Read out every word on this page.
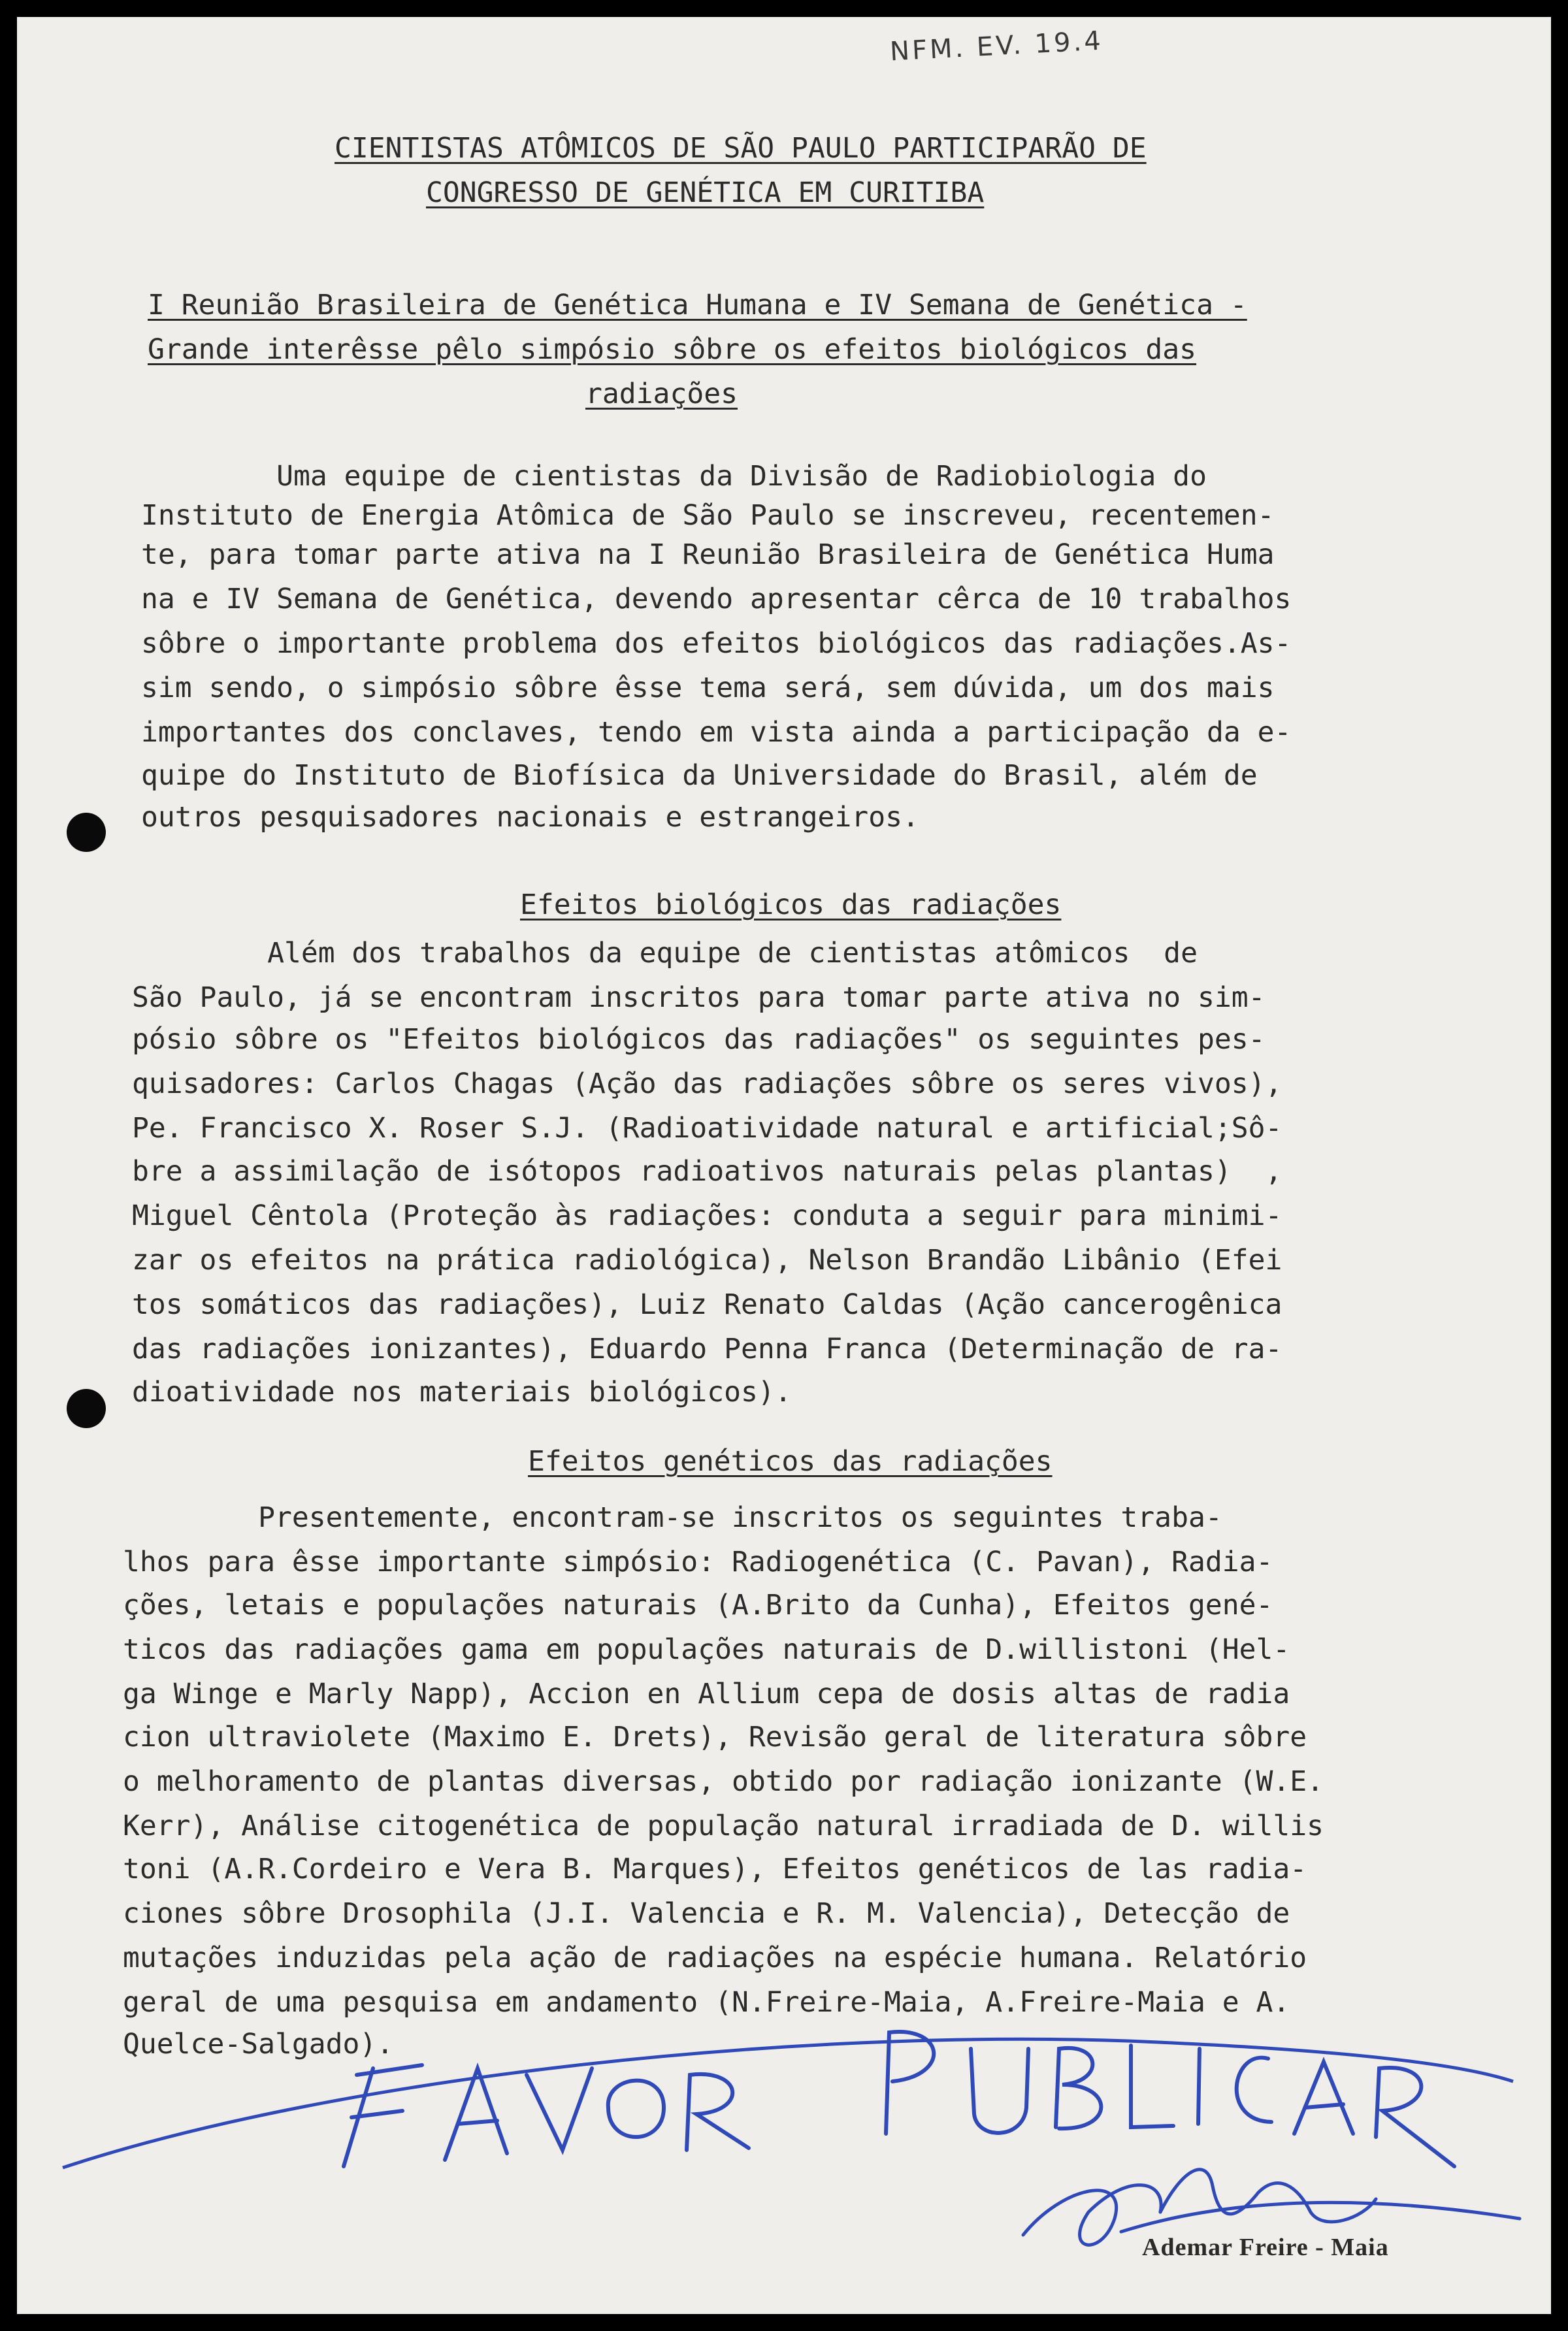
NFM. EV. 19.4
CIENTISTAS ATÔMICOS DE SÃO PAULO PARTICIPARÃO DE
CONGRESSO DE GENÉTICA EM CURITIBA
I Reunião Brasileira de Genética Humana e IV Semana de Genética -
Grande interêsse pêlo simpósio sôbre os efeitos biológicos das
radiações
Uma equipe de cientistas da Divisão de Radiobiologia do
Instituto de Energia Atômica de São Paulo se inscreveu, recentemen-
te, para tomar parte ativa na I Reunião Brasileira de Genética Huma
na e IV Semana de Genética, devendo apresentar cêrca de 10 trabalhos
sôbre o importante problema dos efeitos biológicos das radiações.As-
sim sendo, o simpósio sôbre êsse tema será, sem dúvida, um dos mais
importantes dos conclaves, tendo em vista ainda a participação da e-
quipe do Instituto de Biofísica da Universidade do Brasil, além de
outros pesquisadores nacionais e estrangeiros.
Efeitos biológicos das radiações
Além dos trabalhos da equipe de cientistas atômicos  de
São Paulo, já se encontram inscritos para tomar parte ativa no sim-
pósio sôbre os "Efeitos biológicos das radiações" os seguintes pes-
quisadores: Carlos Chagas (Ação das radiações sôbre os seres vivos),
Pe. Francisco X. Roser S.J. (Radioatividade natural e artificial;Sô-
bre a assimilação de isótopos radioativos naturais pelas plantas)  ,
Miguel Cêntola (Proteção às radiações: conduta a seguir para minimi-
zar os efeitos na prática radiológica), Nelson Brandão Libânio (Efei
tos somáticos das radiações), Luiz Renato Caldas (Ação cancerogênica
das radiações ionizantes), Eduardo Penna Franca (Determinação de ra-
dioatividade nos materiais biológicos).
Efeitos genéticos das radiações
Presentemente, encontram-se inscritos os seguintes traba-
lhos para êsse importante simpósio: Radiogenética (C. Pavan), Radia-
ções, letais e populações naturais (A.Brito da Cunha), Efeitos gené-
ticos das radiações gama em populações naturais de D.willistoni (Hel-
ga Winge e Marly Napp), Accion en Allium cepa de dosis altas de radia
cion ultraviolete (Maximo E. Drets), Revisão geral de literatura sôbre
o melhoramento de plantas diversas, obtido por radiação ionizante (W.E.
Kerr), Análise citogenética de população natural irradiada de D. willis
toni (A.R.Cordeiro e Vera B. Marques), Efeitos genéticos de las radia-
ciones sôbre Drosophila (J.I. Valencia e R. M. Valencia), Detecção de
mutações induzidas pela ação de radiações na espécie humana. Relatório
geral de uma pesquisa em andamento (N.Freire-Maia, A.Freire-Maia e A.
Quelce-Salgado).
Ademar Freire - Maia
